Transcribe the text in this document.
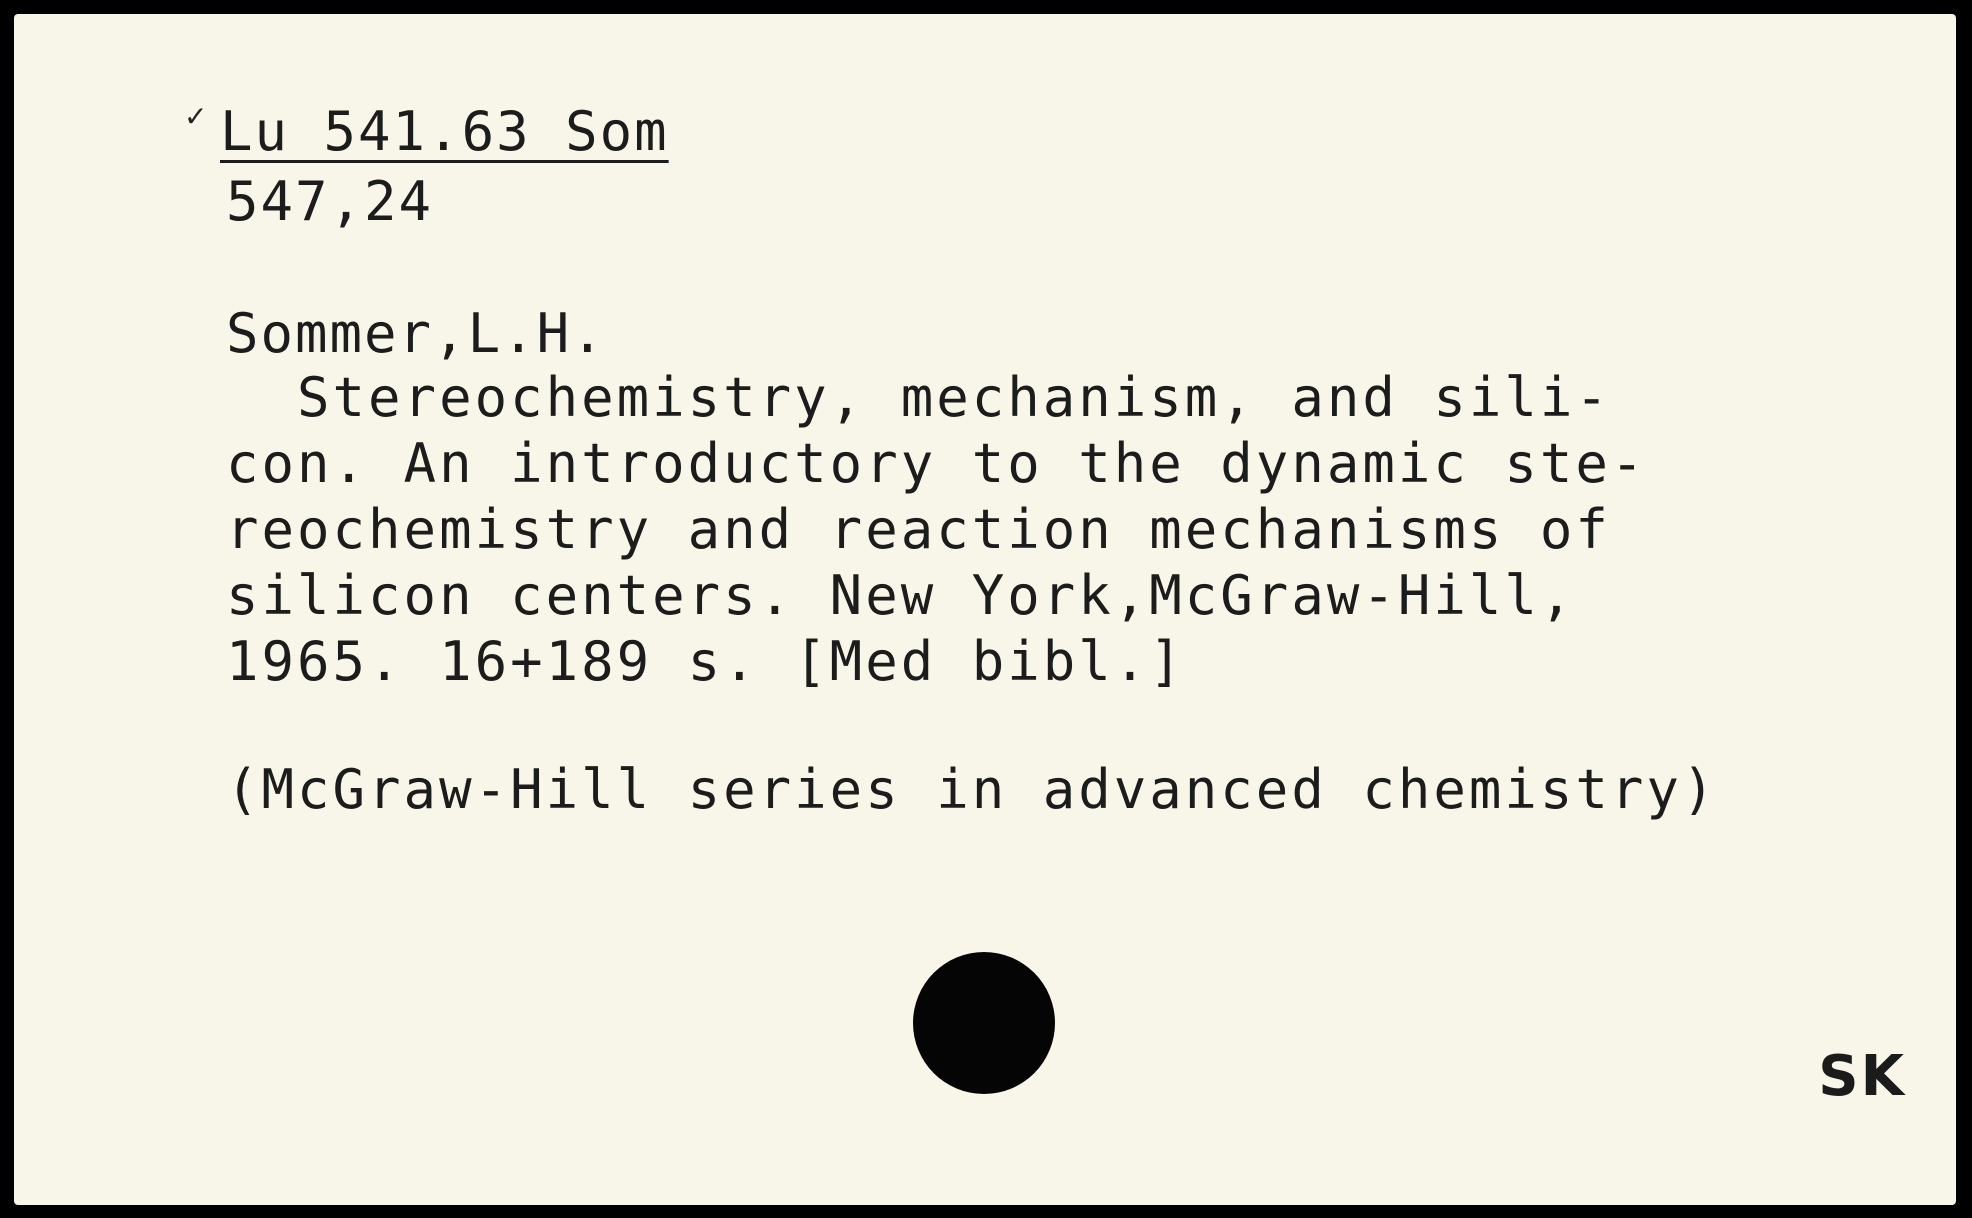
✓ Lu 541.63 Som
547,24
Sommer,L.H.
Stereochemistry, mechanism, and sili-
con. An introductory to the dynamic ste-
reochemistry and reaction mechanisms of
silicon centers. New York,McGraw-Hill,
1965. 16+189 s. [Med bibl.]
(McGraw-Hill series in advanced chemistry)
SK
